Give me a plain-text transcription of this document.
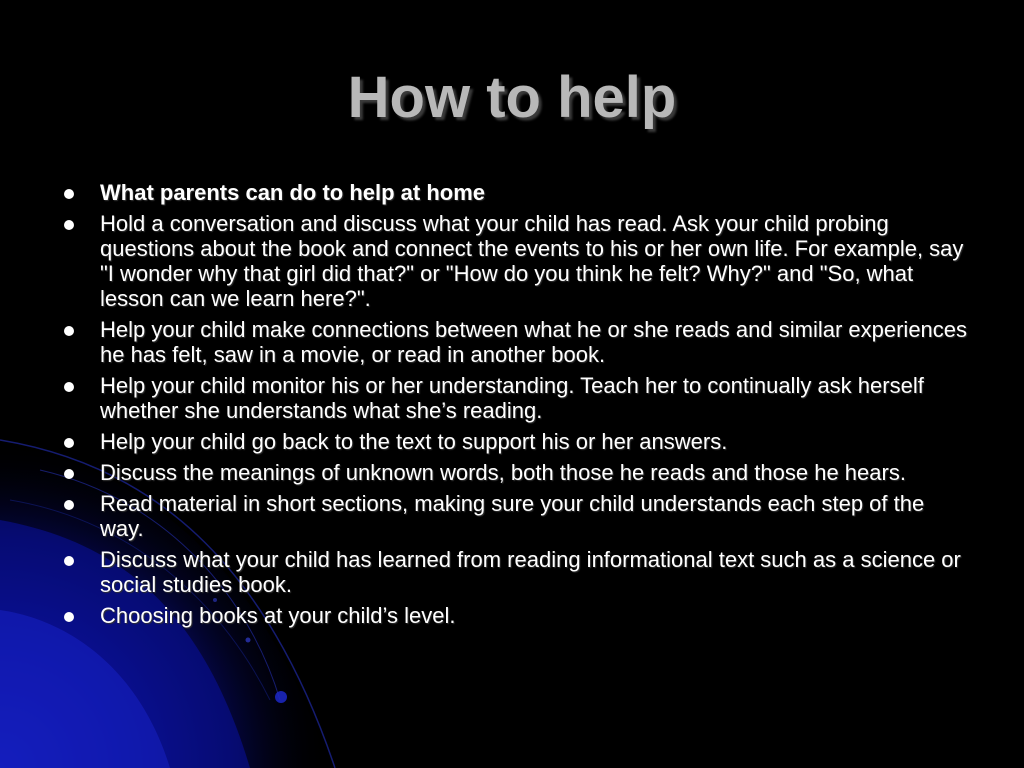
How to help
What parents can do to help at home
Hold a conversation and discuss what your child has read. Ask your child probing questions about the book and connect the events to his or her own life. For example, say "I wonder why that girl did that?" or "How do you think he felt? Why?" and "So, what lesson can we learn here?".
Help your child make connections between what he or she reads and similar experiences he has felt, saw in a movie, or read in another book.
Help your child monitor his or her understanding. Teach her to continually ask herself whether she understands what she’s reading.
Help your child go back to the text to support his or her answers.
Discuss the meanings of unknown words, both those he reads and those he hears.
Read material in short sections, making sure your child understands each step of the way.
Discuss what your child has learned from reading informational text such as a science or social studies book.
Choosing books at your child’s level.
